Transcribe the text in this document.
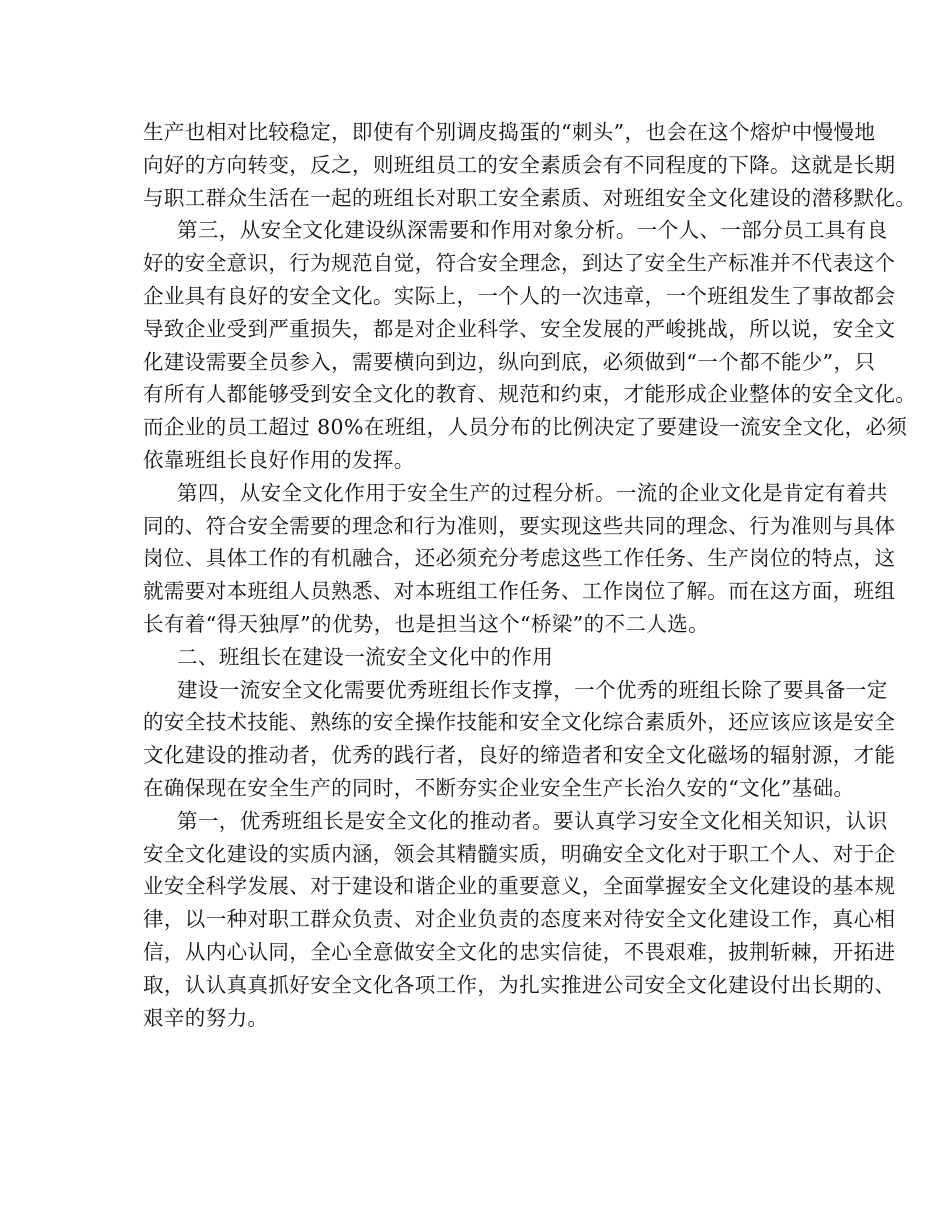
生产也相对比较稳定，即使有个别调皮捣蛋的“刺头”，也会在这个熔炉中慢慢地
向好的方向转变，反之，则班组员工的安全素质会有不同程度的下降。这就是长期
与职工群众生活在一起的班组长对职工安全素质、对班组安全文化建设的潜移默化。
第三，从安全文化建设纵深需要和作用对象分析。一个人、一部分员工具有良
好的安全意识，行为规范自觉，符合安全理念，到达了安全生产标准并不代表这个
企业具有良好的安全文化。实际上，一个人的一次违章，一个班组发生了事故都会
导致企业受到严重损失，都是对企业科学、安全发展的严峻挑战，所以说，安全文
化建设需要全员参入，需要横向到边，纵向到底，必须做到“一个都不能少”，只
有所有人都能够受到安全文化的教育、规范和约束，才能形成企业整体的安全文化。
而企业的员工超过 80%在班组，人员分布的比例决定了要建设一流安全文化，必须
依靠班组长良好作用的发挥。
第四，从安全文化作用于安全生产的过程分析。一流的企业文化是肯定有着共
同的、符合安全需要的理念和行为准则，要实现这些共同的理念、行为准则与具体
岗位、具体工作的有机融合，还必须充分考虑这些工作任务、生产岗位的特点，这
就需要对本班组人员熟悉、对本班组工作任务、工作岗位了解。而在这方面，班组
长有着“得天独厚”的优势，也是担当这个“桥梁”的不二人选。
二、班组长在建设一流安全文化中的作用
建设一流安全文化需要优秀班组长作支撑，一个优秀的班组长除了要具备一定
的安全技术技能、熟练的安全操作技能和安全文化综合素质外，还应该应该是安全
文化建设的推动者，优秀的践行者，良好的缔造者和安全文化磁场的辐射源，才能
在确保现在安全生产的同时，不断夯实企业安全生产长治久安的“文化”基础。
第一，优秀班组长是安全文化的推动者。要认真学习安全文化相关知识，认识
安全文化建设的实质内涵，领会其精髓实质，明确安全文化对于职工个人、对于企
业安全科学发展、对于建设和谐企业的重要意义，全面掌握安全文化建设的基本规
律，以一种对职工群众负责、对企业负责的态度来对待安全文化建设工作，真心相
信，从内心认同，全心全意做安全文化的忠实信徒，不畏艰难，披荆斩棘，开拓进
取，认认真真抓好安全文化各项工作，为扎实推进公司安全文化建设付出长期的、
艰辛的努力。
